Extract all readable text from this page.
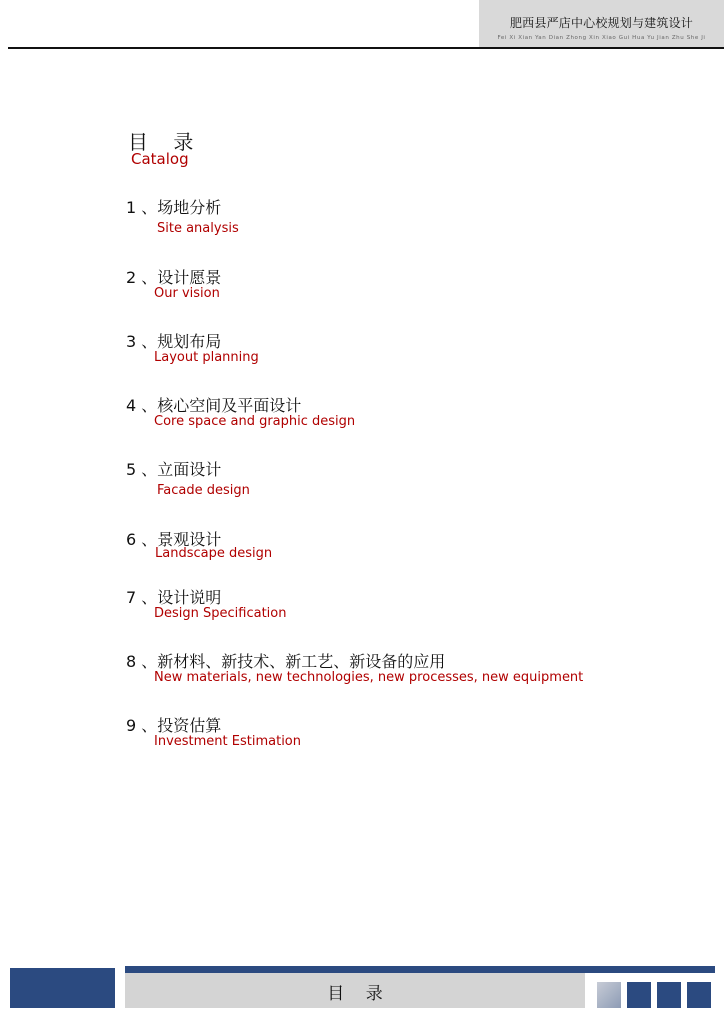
肥西县严店中心校规划与建筑设计
Fei Xi Xian Yan Dian Zhong Xin Xiao Gui Hua Yu Jian Zhu She Ji
目    录
Catalog
1 、场地分析
Site analysis
2 、设计愿景
Our vision
3 、规划布局
Layout planning
4 、核心空间及平面设计
Core space and graphic design
5 、立面设计
Facade design
6 、景观设计
Landscape design
7 、设计说明
Design Specification
8 、新材料、新技术、新工艺、新设备的应用
New materials, new technologies, new processes, new equipment
9 、投资估算
Investment Estimation
目    录
